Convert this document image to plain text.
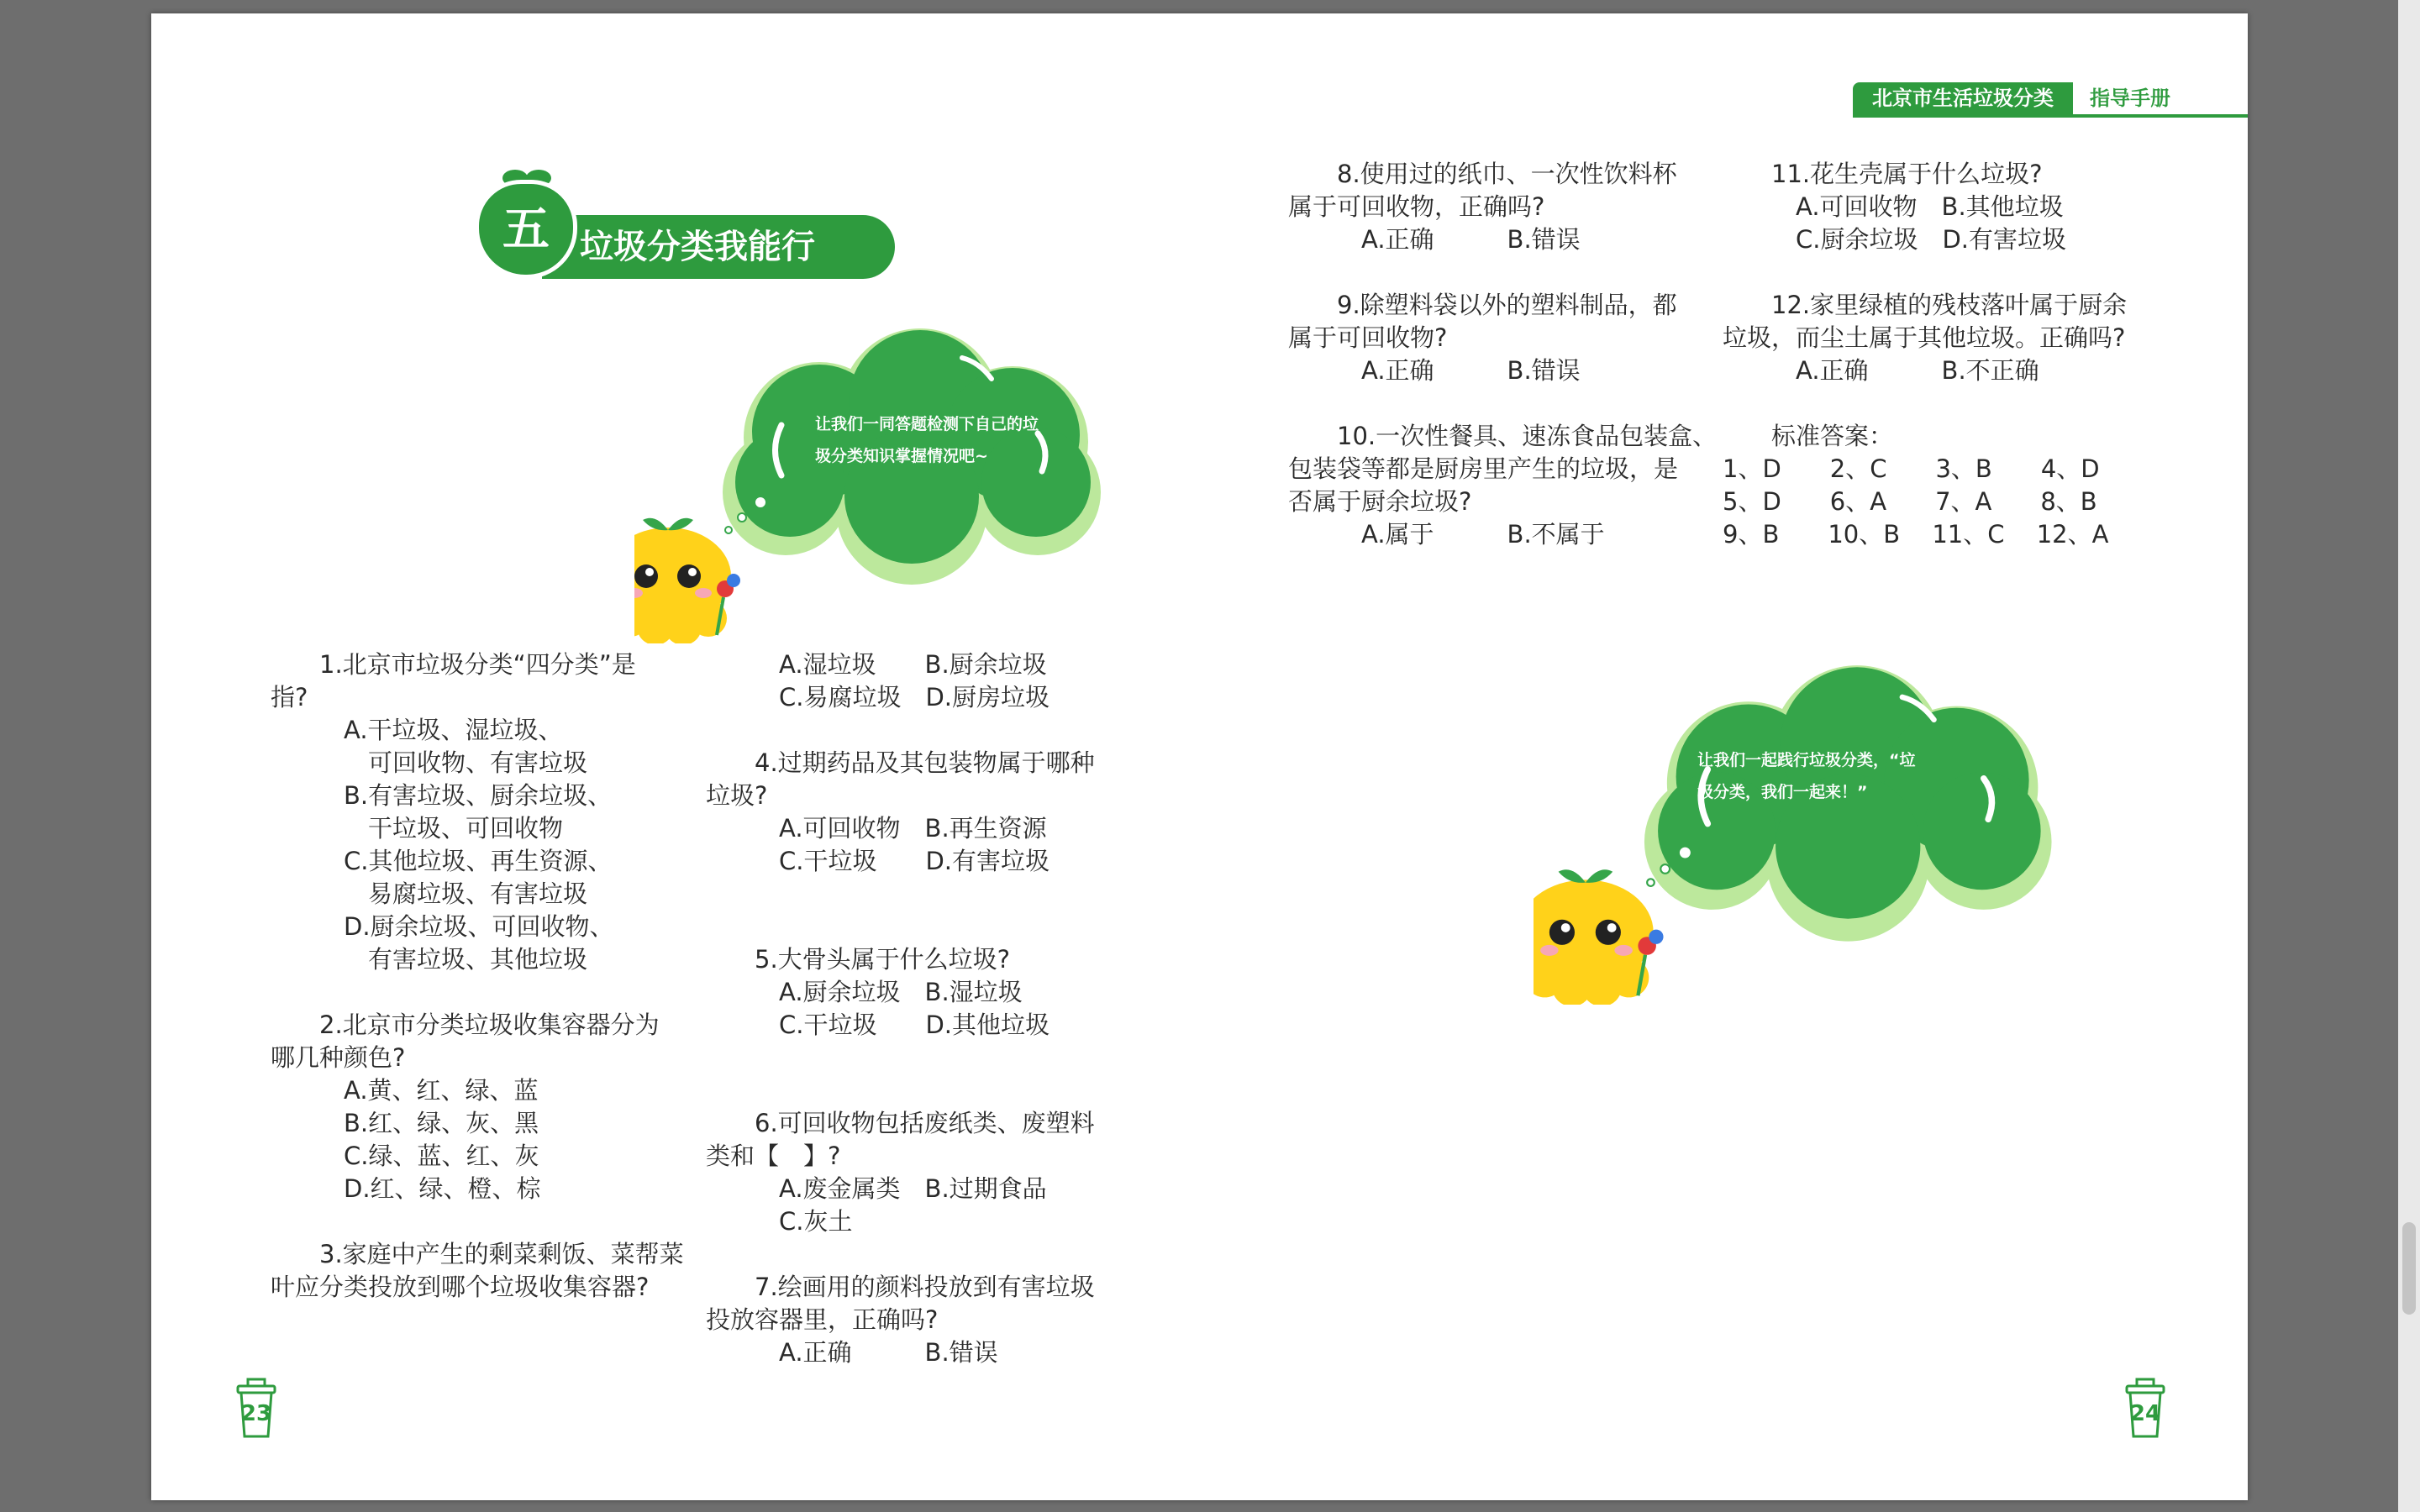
北京市生活垃圾分类	指导手册
垃圾分类我能行
五
让我们一同答题检测下自己的垃
圾分类知识掌握情况吧~
让我们一起践行垃圾分类，“垃
圾分类，我们一起来！”
　　1.北京市垃圾分类“四分类”是
指?
　　　A.干垃圾、湿垃圾、
　　　　可回收物、有害垃圾
　　　B.有害垃圾、厨余垃圾、
　　　　干垃圾、可回收物
　　　C.其他垃圾、再生资源、
　　　　易腐垃圾、有害垃圾
　　　D.厨余垃圾、可回收物、
　　　　有害垃圾、其他垃圾

　　2.北京市分类垃圾收集容器分为
哪几种颜色?
　　　A.黄、红、绿、蓝
　　　B.红、绿、灰、黑
　　　C.绿、蓝、红、灰
　　　D.红、绿、橙、棕

　　3.家庭中产生的剩菜剩饭、菜帮菜
叶应分类投放到哪个垃圾收集容器?
　　　A.湿垃圾　　B.厨余垃圾
　　　C.易腐垃圾　D.厨房垃圾

　　4.过期药品及其包装物属于哪种
垃圾?
　　　A.可回收物　B.再生资源
　　　C.干垃圾　　D.有害垃圾

　　5.大骨头属于什么垃圾?
　　　A.厨余垃圾　B.湿垃圾
　　　C.干垃圾　　D.其他垃圾

　　6.可回收物包括废纸类、废塑料
类和【　】?
　　　A.废金属类　B.过期食品
　　　C.灰土

　　7.绘画用的颜料投放到有害垃圾
投放容器里，正确吗?
　　　A.正确　　　B.错误
　　8.使用过的纸巾、一次性饮料杯
属于可回收物，正确吗?
　　　A.正确　　　B.错误

　　9.除塑料袋以外的塑料制品，都
属于可回收物?
　　　A.正确　　　B.错误

　　10.一次性餐具、速冻食品包装盒、
包装袋等都是厨房里产生的垃圾，是
否属于厨余垃圾?
　　　A.属于　　　B.不属于
　　11.花生壳属于什么垃圾?
　　　A.可回收物　B.其他垃圾
　　　C.厨余垃圾　D.有害垃圾

　　12.家里绿植的残枝落叶属于厨余
垃圾，而尘土属于其他垃圾。正确吗?
　　　A.正确　　　B.不正确

　　标准答案：
1、D　　2、C　　3、B　　4、D
5、D　　6、A　　7、A　　8、B
9、B　　10、B　 11、C　 12、A
23	24
